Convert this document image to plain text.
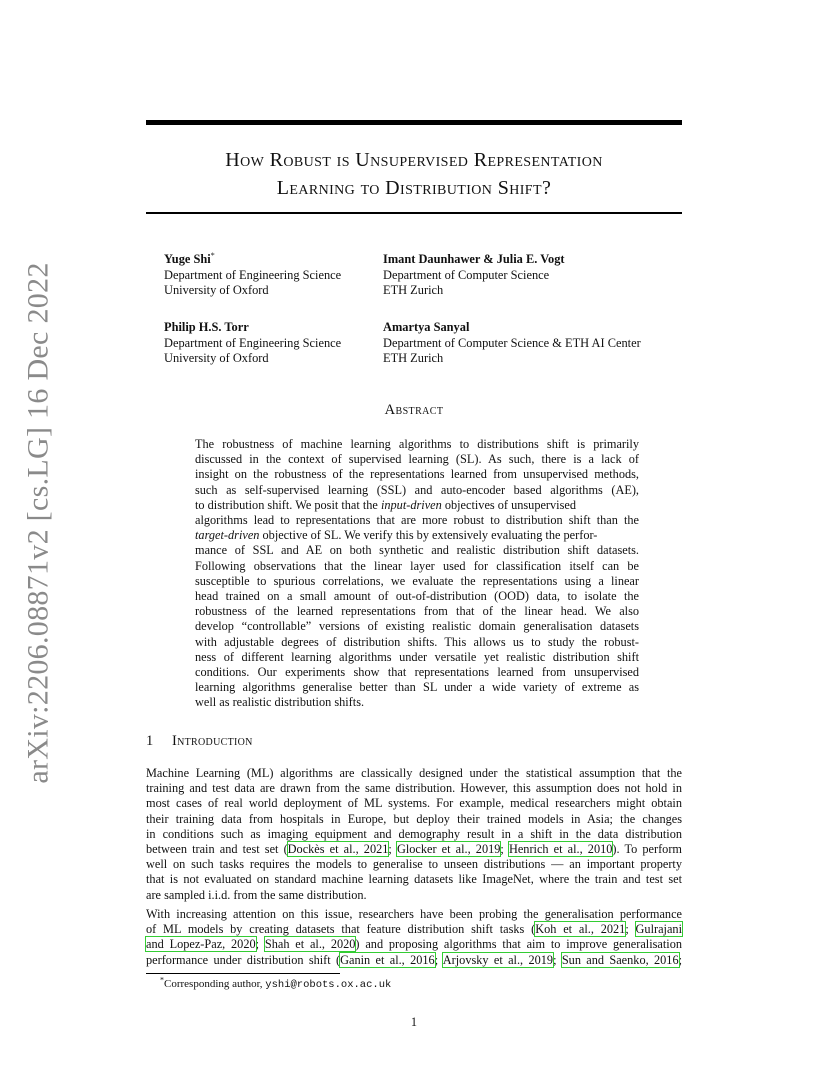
arXiv:2206.08871v2 [cs.LG] 16 Dec 2022
How Robust is Unsupervised Representation
Learning to Distribution Shift?
Yuge Shi*
Department of Engineering Science
University of Oxford
Imant Daunhawer & Julia E. Vogt
Department of Computer Science
ETH Zurich
Philip H.S. Torr
Department of Engineering Science
University of Oxford
Amartya Sanyal
Department of Computer Science & ETH AI Center
ETH Zurich
Abstract
The robustness of machine learning algorithms to distributions shift is primarily
discussed in the context of supervised learning (SL). As such, there is a lack of
insight on the robustness of the representations learned from unsupervised methods,
such as self-supervised learning (SSL) and auto-encoder based algorithms (AE),
to distribution shift. We posit that the input-driven objectives of unsupervised
algorithms lead to representations that are more robust to distribution shift than the
target-driven objective of SL. We verify this by extensively evaluating the perfor-
mance of SSL and AE on both synthetic and realistic distribution shift datasets.
Following observations that the linear layer used for classification itself can be
susceptible to spurious correlations, we evaluate the representations using a linear
head trained on a small amount of out-of-distribution (OOD) data, to isolate the
robustness of the learned representations from that of the linear head. We also
develop “controllable” versions of existing realistic domain generalisation datasets
with adjustable degrees of distribution shifts. This allows us to study the robust-
ness of different learning algorithms under versatile yet realistic distribution shift
conditions. Our experiments show that representations learned from unsupervised
learning algorithms generalise better than SL under a wide variety of extreme as
well as realistic distribution shifts.
1 Introduction
Machine Learning (ML) algorithms are classically designed under the statistical assumption that the
training and test data are drawn from the same distribution. However, this assumption does not hold in
most cases of real world deployment of ML systems. For example, medical researchers might obtain
their training data from hospitals in Europe, but deploy their trained models in Asia; the changes
in conditions such as imaging equipment and demography result in a shift in the data distribution
between train and test set (Dockès et al., 2021; Glocker et al., 2019; Henrich et al., 2010). To perform
well on such tasks requires the models to generalise to unseen distributions — an important property
that is not evaluated on standard machine learning datasets like ImageNet, where the train and test set
are sampled i.i.d. from the same distribution.
With increasing attention on this issue, researchers have been probing the generalisation performance
of ML models by creating datasets that feature distribution shift tasks (Koh et al., 2021; Gulrajani
and Lopez-Paz, 2020; Shah et al., 2020) and proposing algorithms that aim to improve generalisation
performance under distribution shift (Ganin et al., 2016; Arjovsky et al., 2019; Sun and Saenko, 2016;
*Corresponding author, yshi@robots.ox.ac.uk
1
